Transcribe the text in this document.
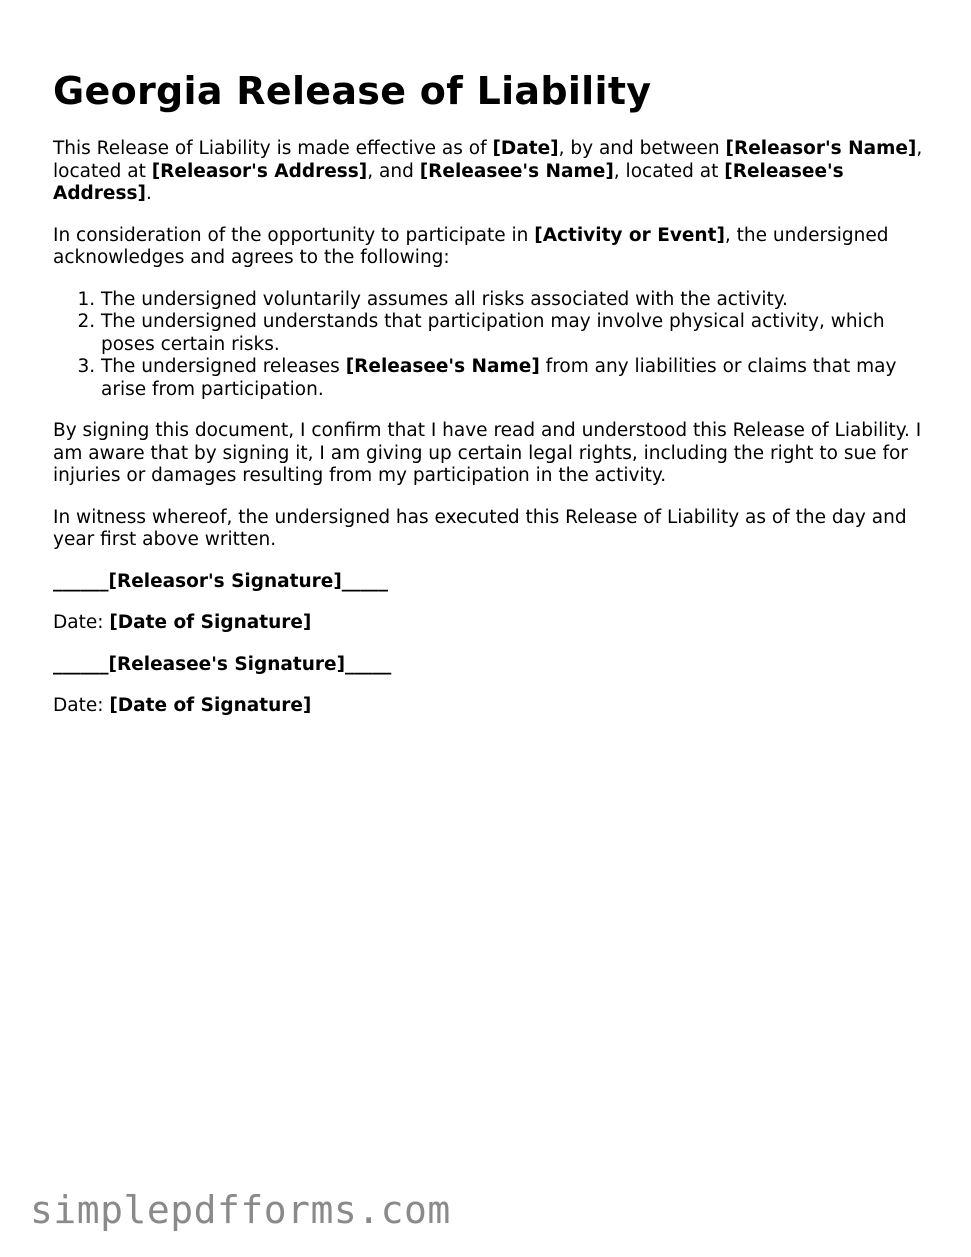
Georgia Release of Liability

This Release of Liability is made effective as of [Date], by and between [Releasor's Name], located at [Releasor's Address], and [Releasee's Name], located at [Releasee's Address].

In consideration of the opportunity to participate in [Activity or Event], the undersigned acknowledges and agrees to the following:

1. The undersigned voluntarily assumes all risks associated with the activity.
2. The undersigned understands that participation may involve physical activity, which poses certain risks.
3. The undersigned releases [Releasee's Name] from any liabilities or claims that may arise from participation.

By signing this document, I confirm that I have read and understood this Release of Liability. I am aware that by signing it, I am giving up certain legal rights, including the right to sue for injuries or damages resulting from my participation in the activity.

In witness whereof, the undersigned has executed this Release of Liability as of the day and year first above written.

______[Releasor's Signature]_____

Date: [Date of Signature]

______[Releasee's Signature]_____

Date: [Date of Signature]

simplepdfforms.com
